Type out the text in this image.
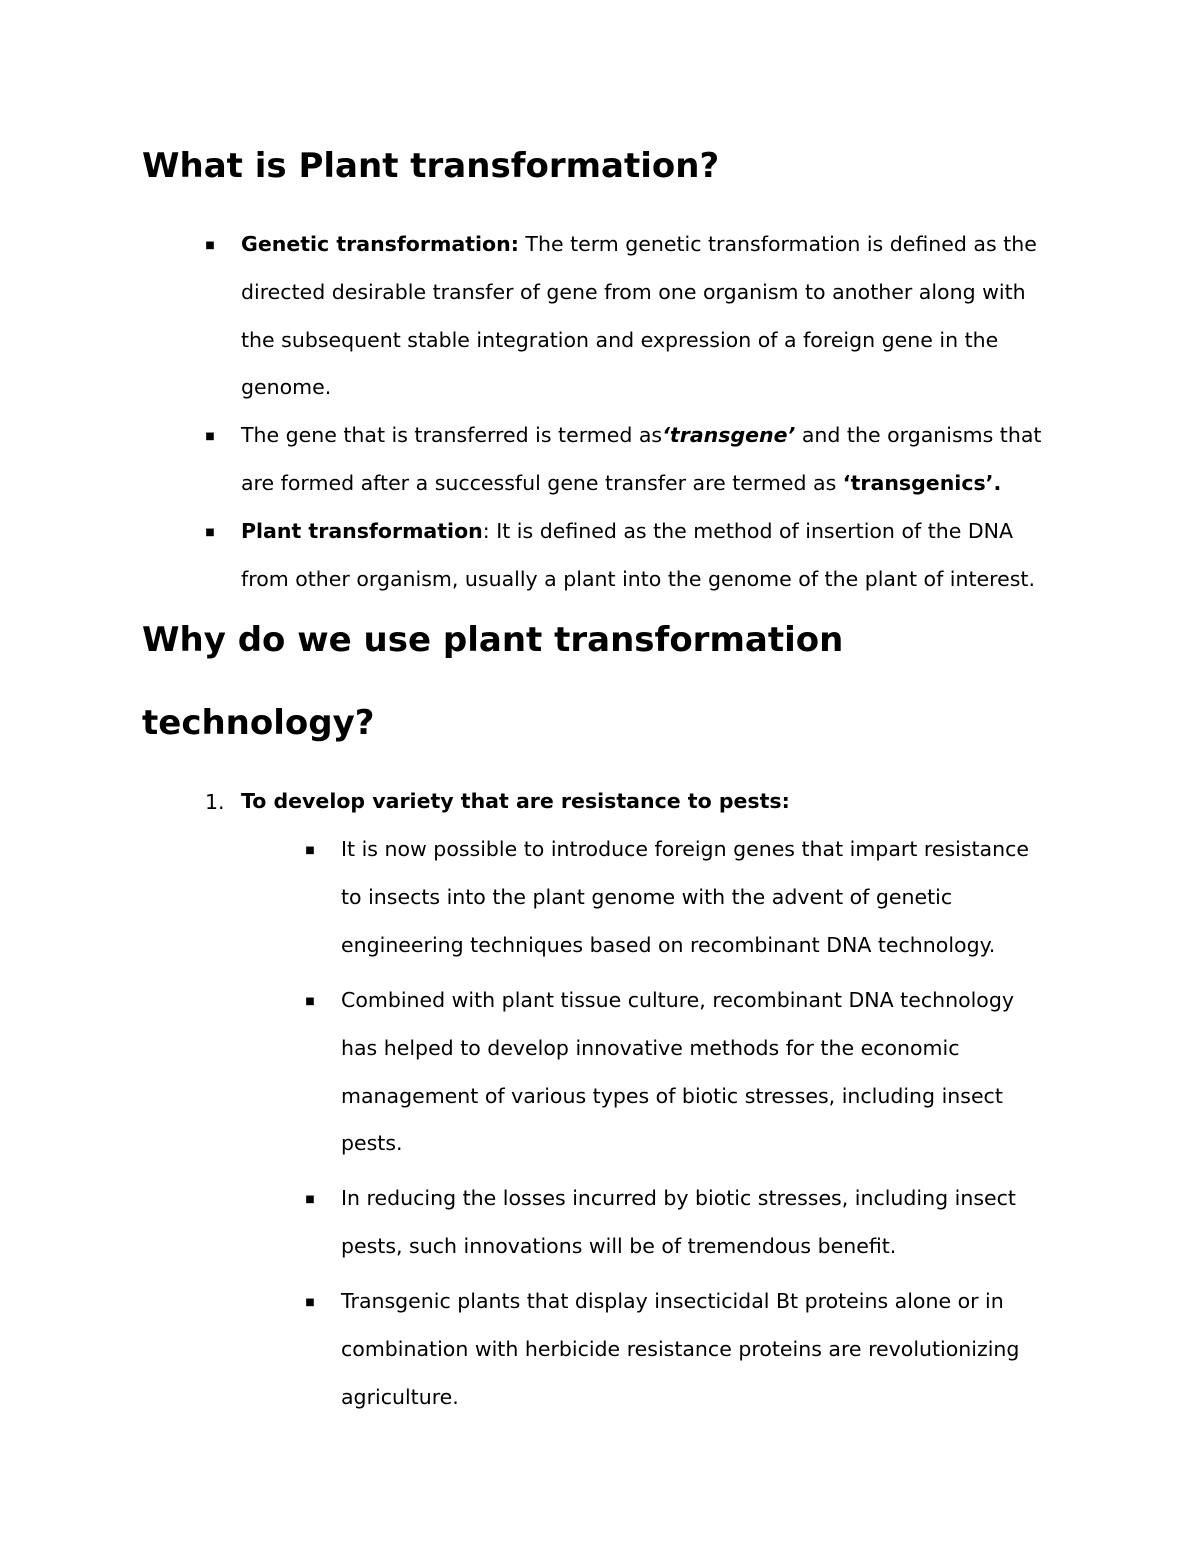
What is Plant transformation?
■ Genetic transformation: The term genetic transformation is defined as the
directed desirable transfer of gene from one organism to another along with
the subsequent stable integration and expression of a foreign gene in the
genome.
■ The gene that is transferred is termed as‘transgene’ and the organisms that
are formed after a successful gene transfer are termed as ‘transgenics’.
■ Plant transformation: It is defined as the method of insertion of the DNA
from other organism, usually a plant into the genome of the plant of interest.
Why do we use plant transformation
technology?
1. To develop variety that are resistance to pests:
■ It is now possible to introduce foreign genes that impart resistance
to insects into the plant genome with the advent of genetic
engineering techniques based on recombinant DNA technology.
■ Combined with plant tissue culture, recombinant DNA technology
has helped to develop innovative methods for the economic
management of various types of biotic stresses, including insect
pests.
■ In reducing the losses incurred by biotic stresses, including insect
pests, such innovations will be of tremendous benefit.
■ Transgenic plants that display insecticidal Bt proteins alone or in
combination with herbicide resistance proteins are revolutionizing
agriculture.
